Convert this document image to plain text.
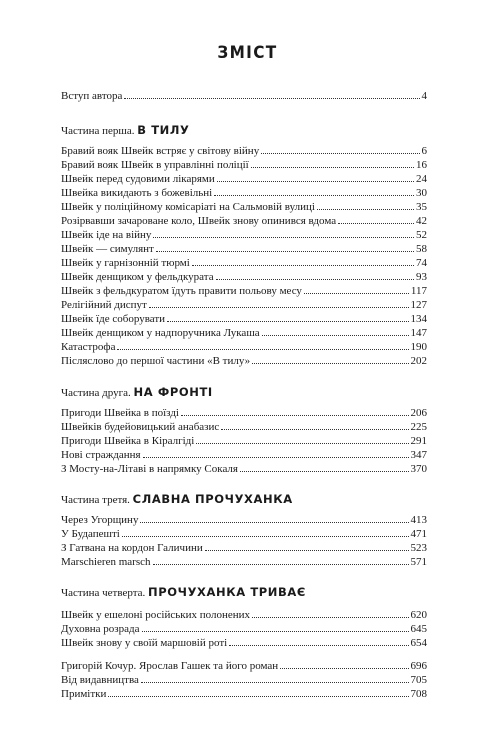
ЗМІСТ
Вступ автора	4
Частина перша. В ТИЛУ
Бравий вояк Швейк встряє у світову війну	6
Бравий вояк Швейк в управлінні поліції	16
Швейк перед судовими лікарями	24
Швейка викидають з божевільні	30
Швейк у поліційному комісаріаті на Сальмовій вулиці	35
Розірвавши зачароване коло, Швейк знову опинився вдома	42
Швейк іде на війну	52
Швейк — симулянт	58
Швейк у гарнізонній тюрмі	74
Швейк денщиком у фельдкурата	93
Швейк з фельдкуратом їдуть правити польову месу	117
Релігійний диспут	127
Швейк їде соборувати	134
Швейк денщиком у надпоручника Лукаша	147
Катастрофа	190
Післяслово до першої частини «В тилу»	202
Частина друга. НА ФРОНТІ
Пригоди Швейка в поїзді	206
Швейків будейовицький анабазис	225
Пригоди Швейка в Кіралгіді	291
Нові страждання	347
З Мосту-на-Літаві в напрямку Сокаля	370
Частина третя. СЛАВНА ПРОЧУХАНКА
Через Угорщину	413
У Будапешті	471
З Гатвана на кордон Галичини	523
Marschieren marsch	571
Частина четверта. ПРОЧУХАНКА ТРИВАЄ
Швейк у ешелоні російських полонених	620
Духовна розрада	645
Швейк знову у своїй маршовій роті	654
Григорій Кочур. Ярослав Гашек та його роман	696
Від видавництва	705
Примітки	708
